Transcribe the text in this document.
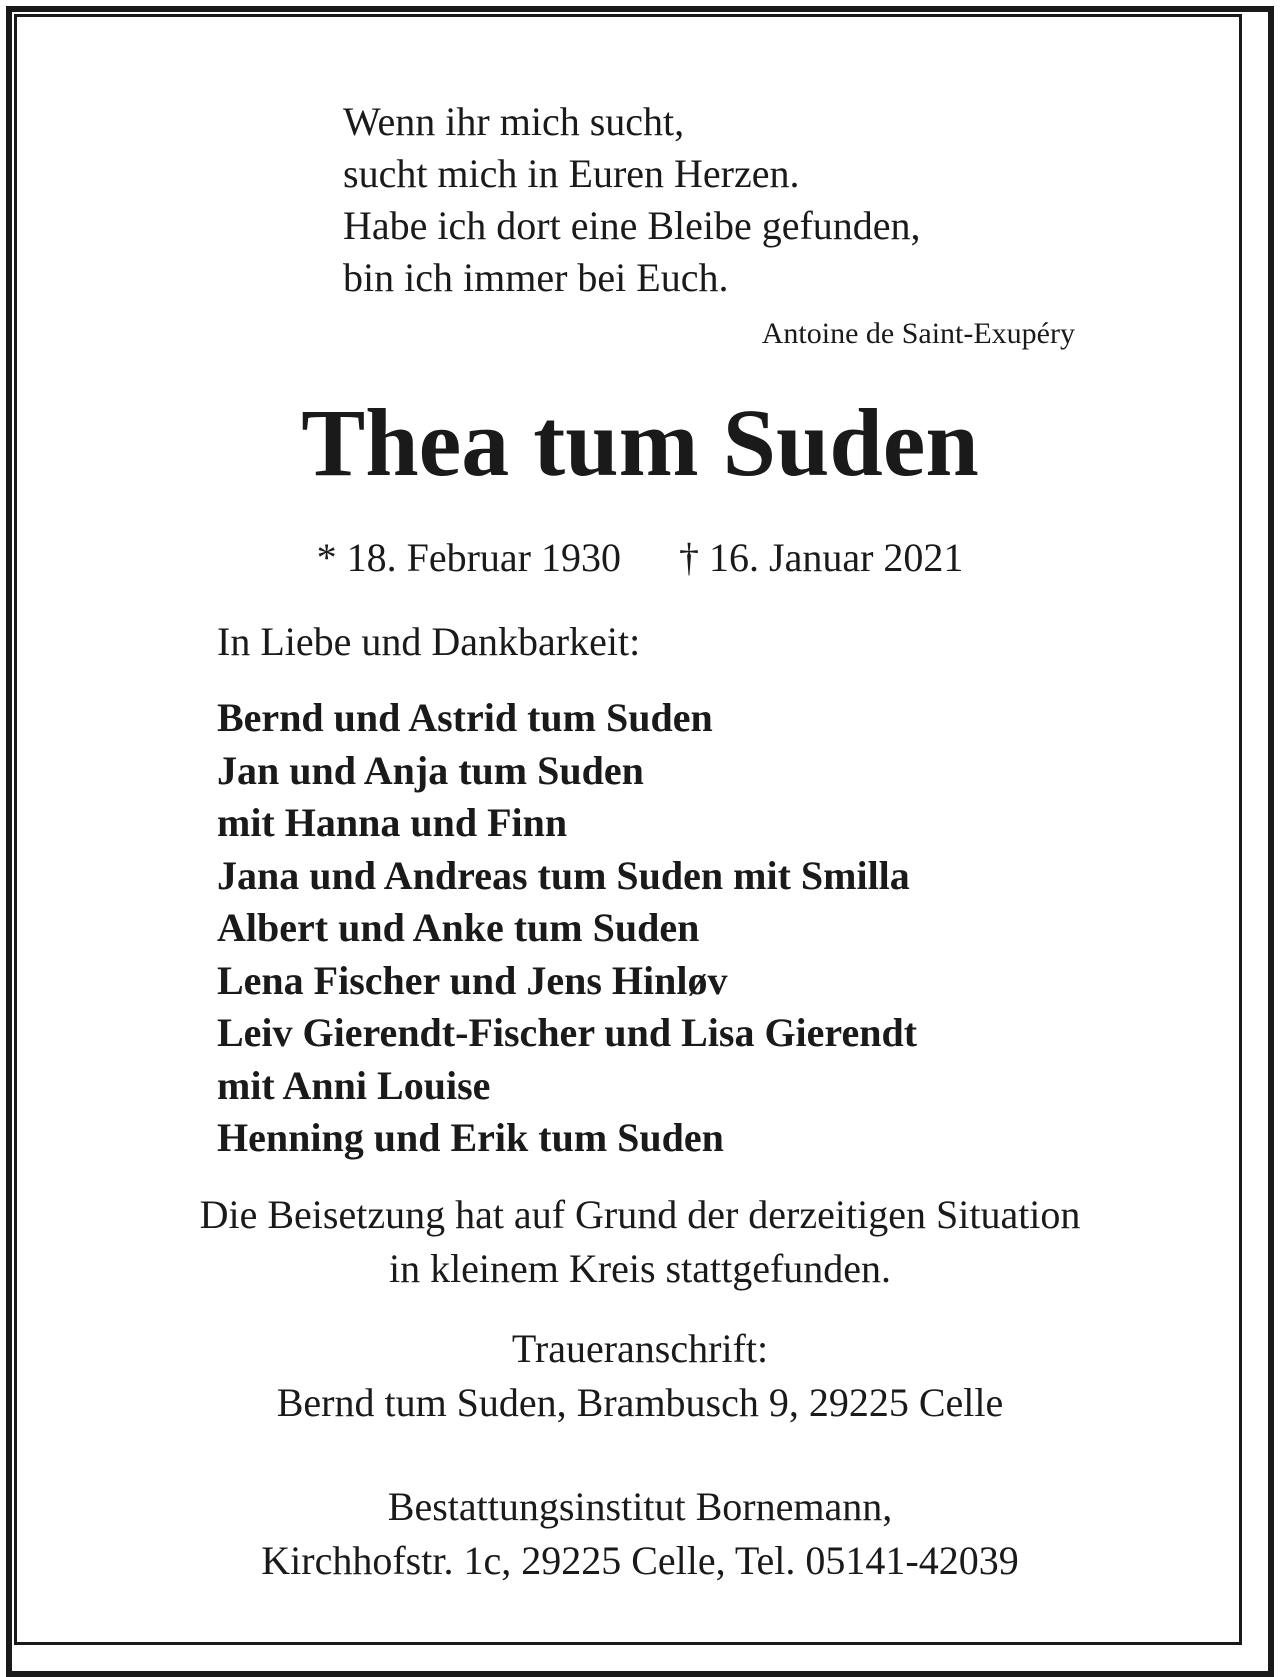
Wenn ihr mich sucht,
sucht mich in Euren Herzen.
Habe ich dort eine Bleibe gefunden,
bin ich immer bei Euch.
Antoine de Saint-Exupéry
Thea tum Suden
* 18. Februar 1930 † 16. Januar 2021
In Liebe und Dankbarkeit:
Bernd und Astrid tum Suden
Jan und Anja tum Suden
mit Hanna und Finn
Jana und Andreas tum Suden mit Smilla
Albert und Anke tum Suden
Lena Fischer und Jens Hinløv
Leiv Gierendt-Fischer und Lisa Gierendt
mit Anni Louise
Henning und Erik tum Suden
Die Beisetzung hat auf Grund der derzeitigen Situation
in kleinem Kreis stattgefunden.
Traueranschrift:
Bernd tum Suden, Brambusch 9, 29225 Celle
Bestattungsinstitut Bornemann,
Kirchhofstr. 1c, 29225 Celle, Tel. 05141-42039
